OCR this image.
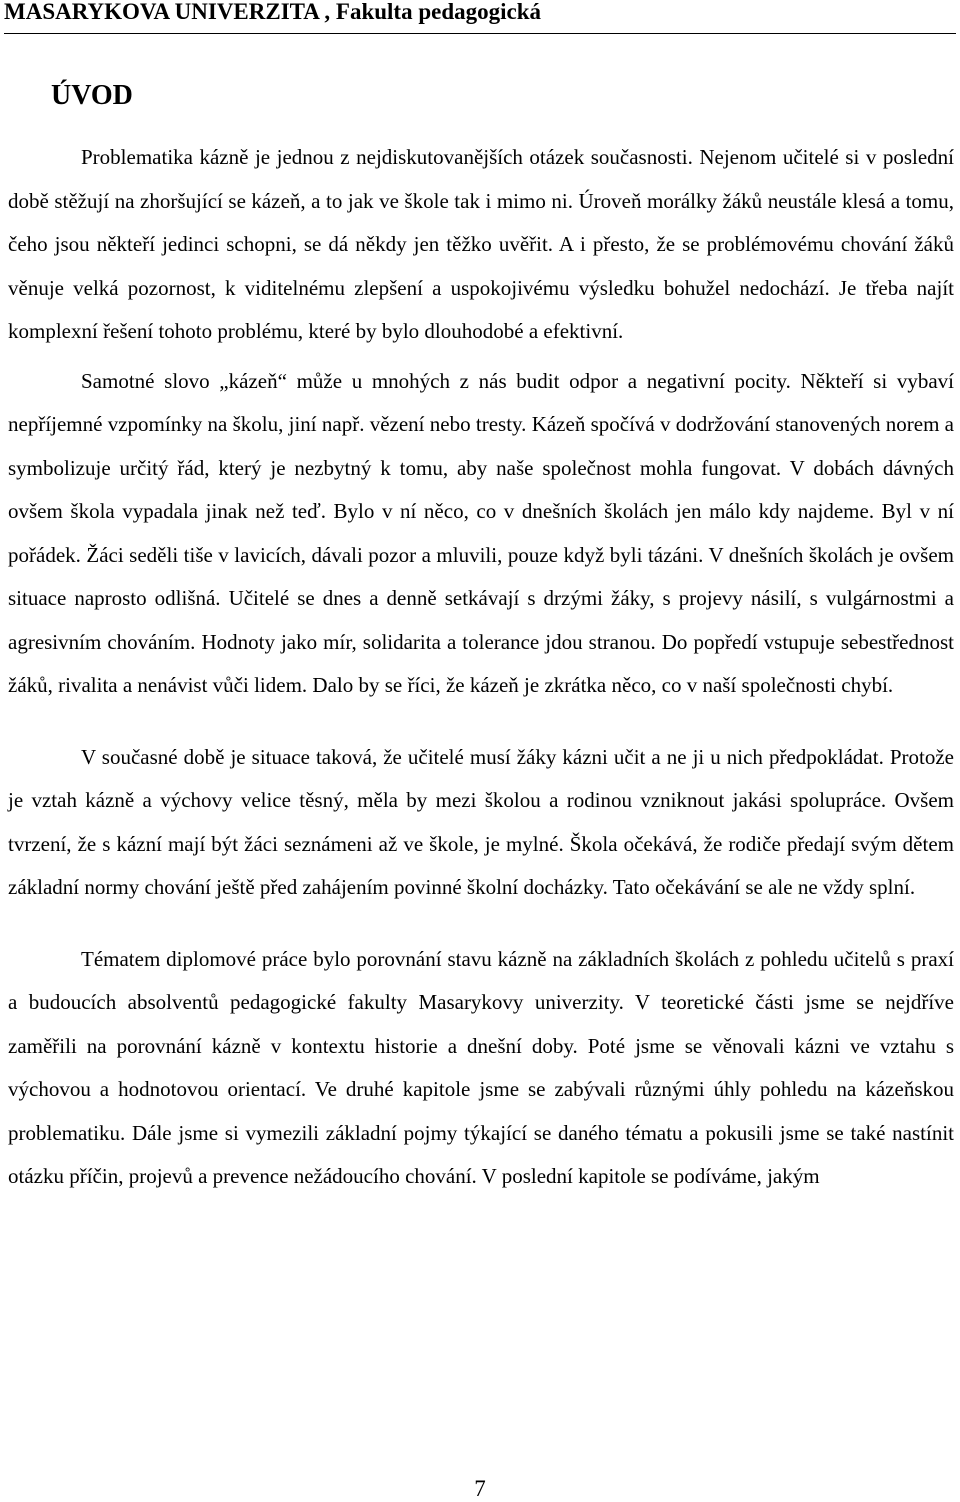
MASARYKOVA UNIVERZITA , Fakulta pedagogická
ÚVOD

Problematika kázně je jednou z nejdiskutovanějších otázek současnosti. Nejenom učitelé si v poslední době stěžují na zhoršující se kázeň, a to jak ve škole tak i mimo ni. Úroveň morálky žáků neustále klesá a tomu, čeho jsou někteří jedinci schopni, se dá někdy jen těžko uvěřit. A i přesto, že se problémovému chování žáků věnuje velká pozornost, k viditelnému zlepšení a uspokojivému výsledku bohužel nedochází. Je třeba najít komplexní řešení tohoto problému, které by bylo dlouhodobé a efektivní.

Samotné slovo „kázeň“ může u mnohých z nás budit odpor a negativní pocity. Někteří si vybaví nepříjemné vzpomínky na školu, jiní např. vězení nebo tresty. Kázeň spočívá v dodržování stanovených norem a symbolizuje určitý řád, který je nezbytný k tomu, aby naše společnost mohla fungovat. V dobách dávných ovšem škola vypadala jinak než teď. Bylo v ní něco, co v dnešních školách jen málo kdy najdeme. Byl v ní pořádek. Žáci seděli tiše v lavicích, dávali pozor a mluvili, pouze když byli tázáni. V dnešních školách je ovšem situace naprosto odlišná. Učitelé se dnes a denně setkávají s drzými žáky, s projevy násilí, s vulgárnostmi a agresivním chováním. Hodnoty jako mír, solidarita a tolerance jdou stranou. Do popředí vstupuje sebestřednost žáků, rivalita a nenávist vůči lidem. Dalo by se říci, že kázeň je zkrátka něco, co v naší společnosti chybí.

V současné době je situace taková, že učitelé musí žáky kázni učit a ne ji u nich předpokládat. Protože je vztah kázně a výchovy velice těsný, měla by mezi školou a rodinou vzniknout jakási spolupráce. Ovšem tvrzení, že s kázní mají být žáci seznámeni až ve škole, je mylné. Škola očekává, že rodiče předají svým dětem základní normy chování ještě před zahájením povinné školní docházky. Tato očekávání se ale ne vždy splní.

Tématem diplomové práce bylo porovnání stavu kázně na základních školách z pohledu učitelů s praxí a budoucích absolventů pedagogické fakulty Masarykovy univerzity. V teoretické části jsme se nejdříve zaměřili na porovnání kázně v kontextu historie a dnešní doby. Poté jsme se věnovali kázni ve vztahu s výchovou a hodnotovou orientací. Ve druhé kapitole jsme se zabývali různými úhly pohledu na kázeňskou problematiku. Dále jsme si vymezili základní pojmy týkající se daného tématu a pokusili jsme se také nastínit otázku příčin, projevů a prevence nežádoucího chování. V poslední kapitole se podíváme, jakým

7
